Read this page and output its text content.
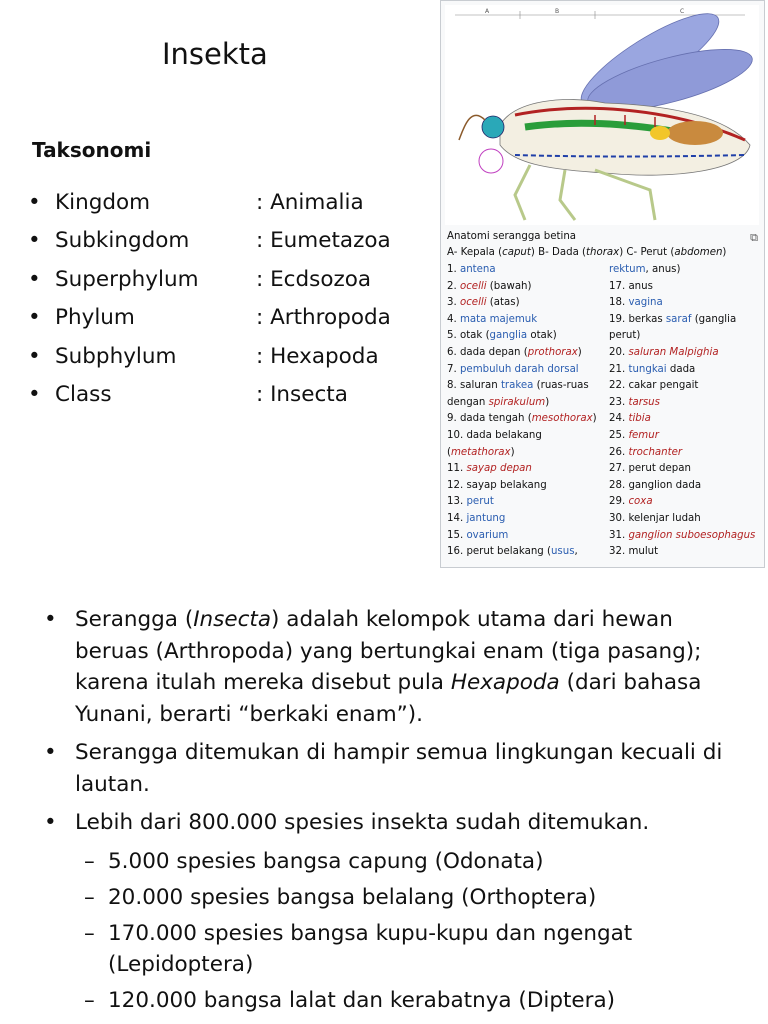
Insekta
Taksonomi
• Kingdom	: Animalia
• Subkingdom	: Eumetazoa
• Superphylum	: Ecdsozoa
• Phylum	: Arthropoda
• Subphylum	: Hexapoda
• Class	: Insecta
A	B	C
⧉
Anatomi serangga betina
A- Kepala (caput) B- Dada (thorax) C- Perut (abdomen)
1. antena
2. ocelli (bawah)
3. ocelli (atas)
4. mata majemuk
5. otak (ganglia otak)
6. dada depan (prothorax)
7. pembuluh darah dorsal
8. saluran trakea (ruas-ruas
dengan spirakulum)
9. dada tengah (mesothorax)
10. dada belakang
(metathorax)
11. sayap depan
12. sayap belakang
13. perut
14. jantung
15. ovarium
16. perut belakang (usus,
rektum, anus)
17. anus
18. vagina
19. berkas saraf (ganglia
perut)
20. saluran Malpighia
21. tungkai dada
22. cakar pengait
23. tarsus
24. tibia
25. femur
26. trochanter
27. perut depan
28. ganglion dada
29. coxa
30. kelenjar ludah
31. ganglion suboesophagus
32. mulut
• Serangga (Insecta) adalah kelompok utama dari hewan beruas (Arthropoda) yang bertungkai enam (tiga pasang); karena itulah mereka disebut pula Hexapoda (dari bahasa Yunani, berarti “berkaki enam”).
• Serangga ditemukan di hampir semua lingkungan kecuali di lautan.
• Lebih dari 800.000 spesies insekta sudah ditemukan.
– 5.000 spesies bangsa capung (Odonata)
– 20.000 spesies bangsa belalang (Orthoptera)
– 170.000 spesies bangsa kupu-kupu dan ngengat (Lepidoptera)
– 120.000 bangsa lalat dan kerabatnya (Diptera)
